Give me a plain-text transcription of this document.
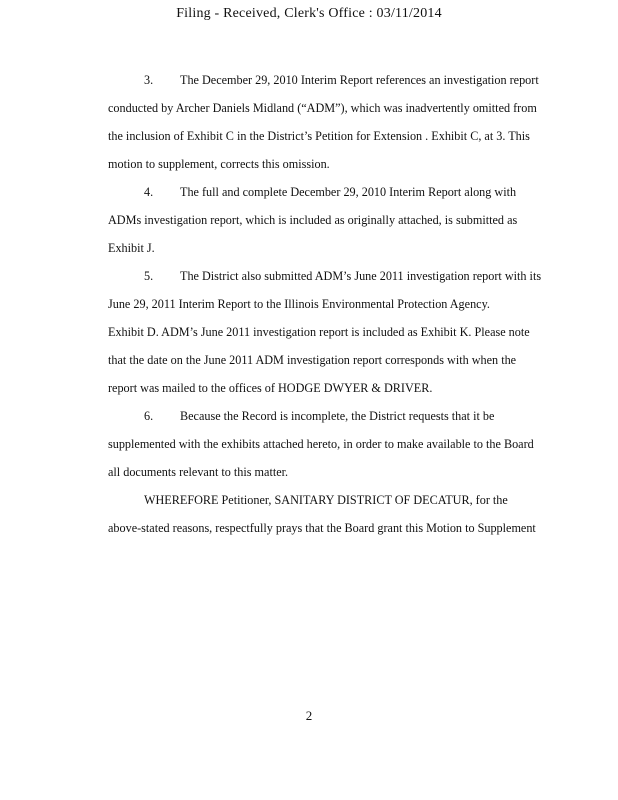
Filing - Received, Clerk's Office : 03/11/2014
3. The December 29, 2010 Interim Report references an investigation report
conducted by Archer Daniels Midland (“ADM”), which was inadvertently omitted from
the inclusion of Exhibit C in the District’s Petition for Extension . Exhibit C, at 3. This
motion to supplement, corrects this omission.
4. The full and complete December 29, 2010 Interim Report along with
ADMs investigation report, which is included as originally attached, is submitted as
Exhibit J.
5. The District also submitted ADM’s June 2011 investigation report with its
June 29, 2011 Interim Report to the Illinois Environmental Protection Agency.
Exhibit D. ADM’s June 2011 investigation report is included as Exhibit K. Please note
that the date on the June 2011 ADM investigation report corresponds with when the
report was mailed to the offices of HODGE DWYER & DRIVER.
6. Because the Record is incomplete, the District requests that it be
supplemented with the exhibits attached hereto, in order to make available to the Board
all documents relevant to this matter.
WHEREFORE Petitioner, SANITARY DISTRICT OF DECATUR, for the
above-stated reasons, respectfully prays that the Board grant this Motion to Supplement
2
